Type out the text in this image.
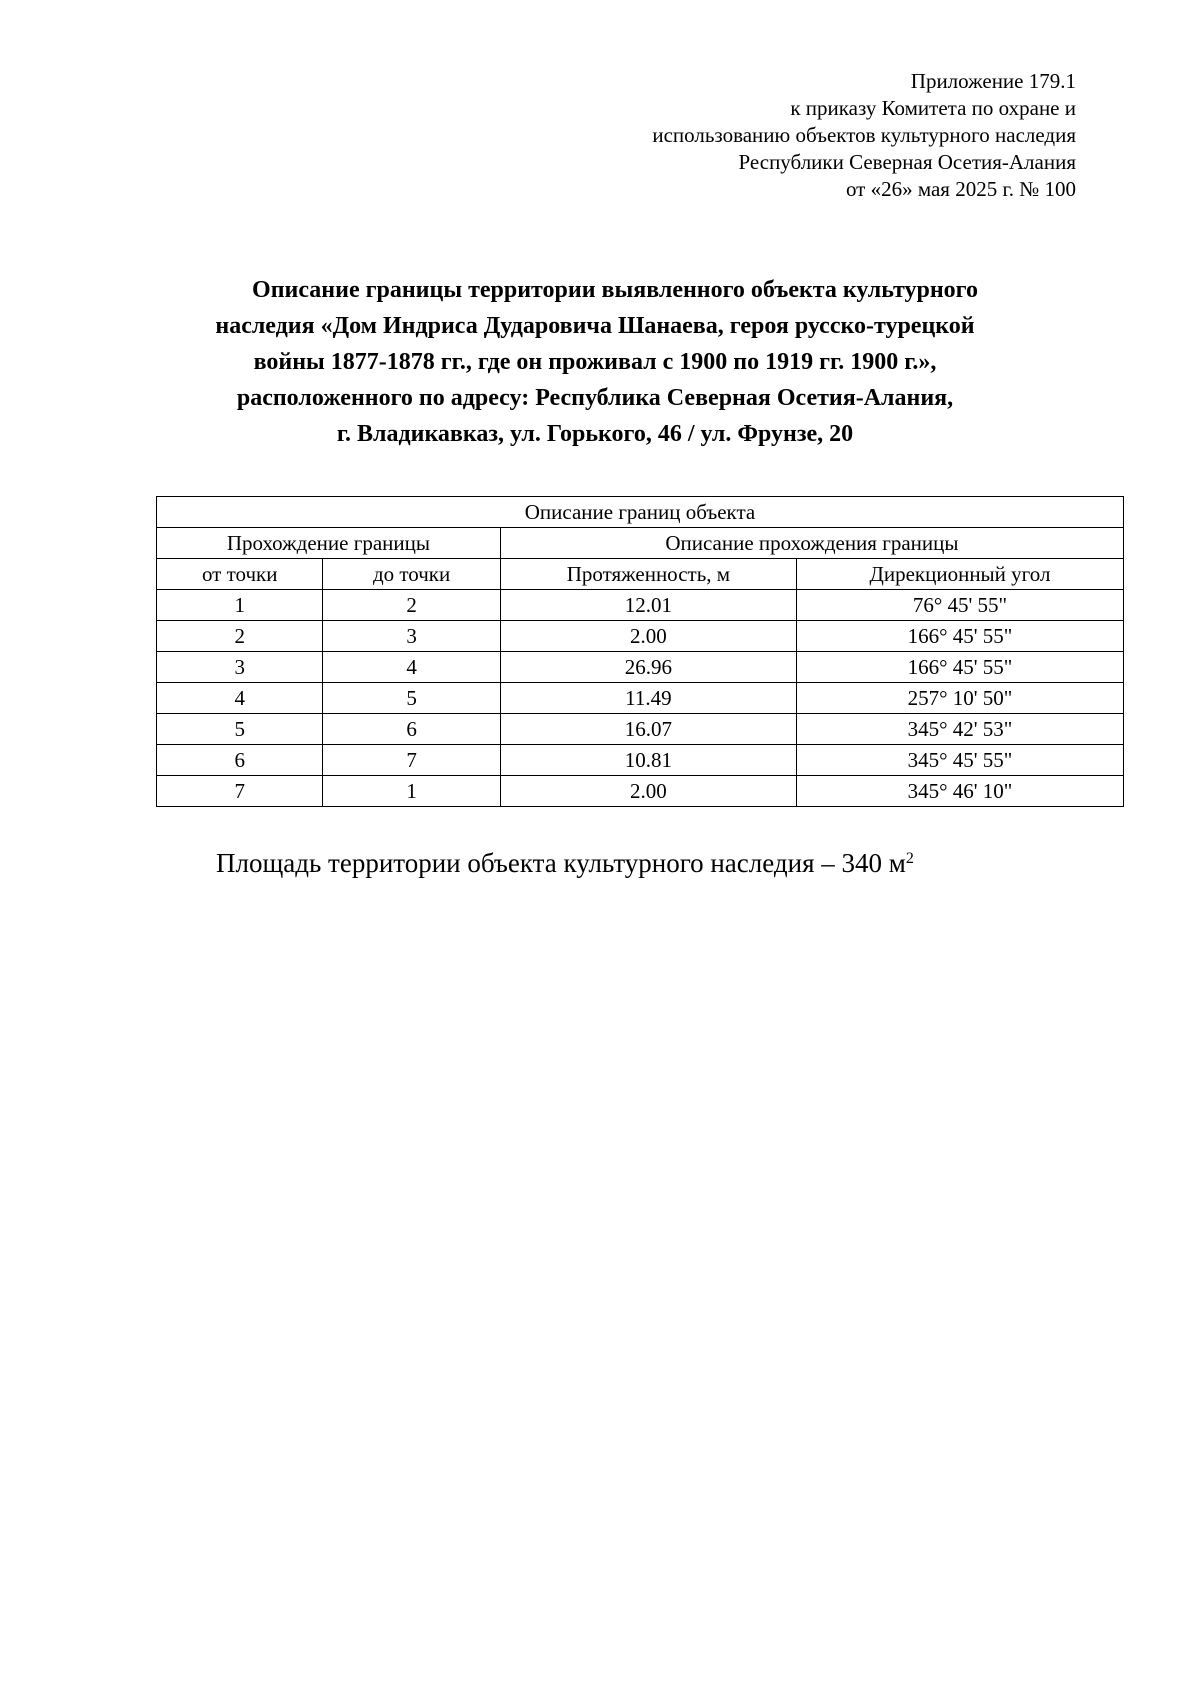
Приложение 179.1
к приказу Комитета по охране и
использованию объектов культурного наследия
Республики Северная Осетия-Алания
от «26» мая 2025 г. № 100
Описание границы территории выявленного объекта культурного
наследия «Дом Индриса Дударовича Шанаева, героя русско-турецкой
войны 1877-1878 гг., где он проживал с 1900 по 1919 гг. 1900 г.»,
расположенного по адресу: Республика Северная Осетия-Алания,
г. Владикавказ, ул. Горького, 46 / ул. Фрунзе, 20
Описание границ объекта			
Прохождение границы		Описание прохождения границы	
от точки	до точки	Протяженность, м	Дирекционный угол
1	2	12.01	76° 45' 55"
2	3	2.00	166° 45' 55"
3	4	26.96	166° 45' 55"
4	5	11.49	257° 10' 50"
5	6	16.07	345° 42' 53"
6	7	10.81	345° 45' 55"
7	1	2.00	345° 46' 10"
Площадь территории объекта культурного наследия – 340 $м^2$
